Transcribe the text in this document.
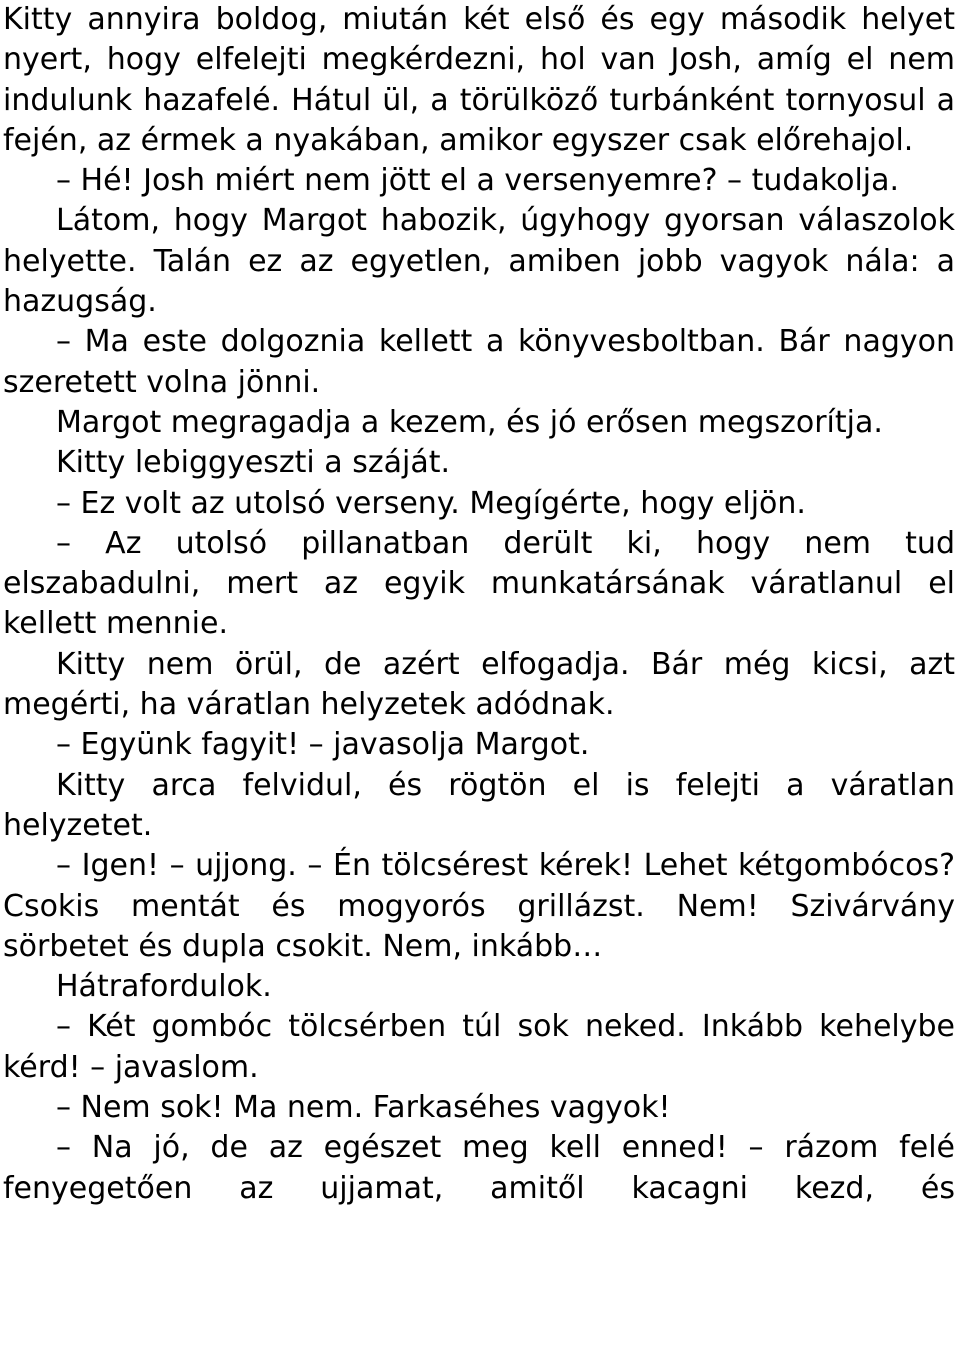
Kitty annyira boldog, miután két első és egy második helyet nyert, hogy elfelejti megkérdezni, hol van Josh, amíg el nem indulunk hazafelé. Hátul ül, a törülköző turbánként tornyosul a fején, az érmek a nyakában, amikor egyszer csak előrehajol.

– Hé! Josh miért nem jött el a versenyemre? – tudakolja.

Látom, hogy Margot habozik, úgyhogy gyorsan válaszolok helyette. Talán ez az egyetlen, amiben jobb vagyok nála: a hazugság.

– Ma este dolgoznia kellett a könyvesboltban. Bár nagyon szeretett volna jönni.

Margot megragadja a kezem, és jó erősen megszorítja.

Kitty lebiggyeszti a száját.

– Ez volt az utolsó verseny. Megígérte, hogy eljön.

– Az utolsó pillanatban derült ki, hogy nem tud elszabadulni, mert az egyik munkatársának váratlanul el kellett mennie.

Kitty nem örül, de azért elfogadja. Bár még kicsi, azt megérti, ha váratlan helyzetek adódnak.

– Együnk fagyit! – javasolja Margot.

Kitty arca felvidul, és rögtön el is felejti a váratlan helyzetet.

– Igen! – ujjong. – Én tölcsérest kérek! Lehet kétgombócos? Csokis mentát és mogyorós grillázst. Nem! Szivárvány sörbetet és dupla csokit. Nem, inkább…

Hátrafordulok.

– Két gombóc tölcsérben túl sok neked. Inkább kehelybe kérd! – javaslom.

– Nem sok! Ma nem. Farkaséhes vagyok!

– Na jó, de az egészet meg kell enned! – rázom felé fenyegetően az ujjamat, amitől kacagni kezd, és
